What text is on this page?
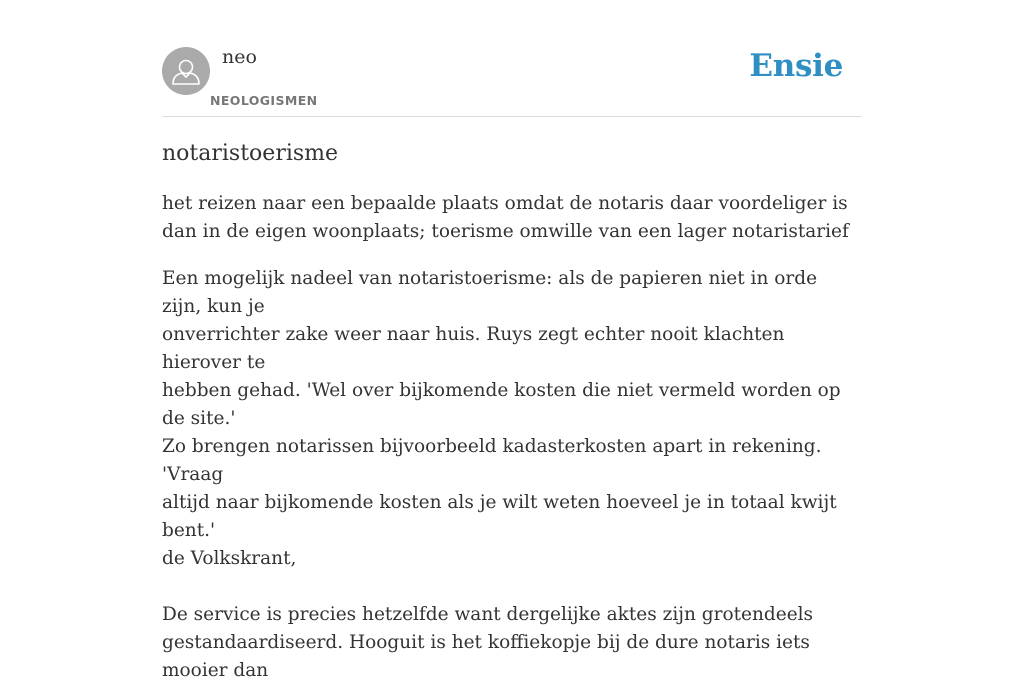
neo
NEOLOGISMEN
Ensie
notaristoerisme

het reizen naar een bepaalde plaats omdat de notaris daar voordeliger is dan in de eigen woonplaats; toerisme omwille van een lager notaristarief

Een mogelijk nadeel van notaristoerisme: als de papieren niet in orde zijn, kun je
onverrichter zake weer naar huis. Ruys zegt echter nooit klachten hierover te
hebben gehad. 'Wel over bijkomende kosten die niet vermeld worden op de site.'
Zo brengen notarissen bijvoorbeeld kadasterkosten apart in rekening. 'Vraag
altijd naar bijkomende kosten als je wilt weten hoeveel je in totaal kwijt bent.'
de Volkskrant,
De service is precies hetzelfde want dergelijke aktes zijn grotendeels
gestandaardiseerd. Hooguit is het koffiekopje bij de dure notaris iets mooier dan
